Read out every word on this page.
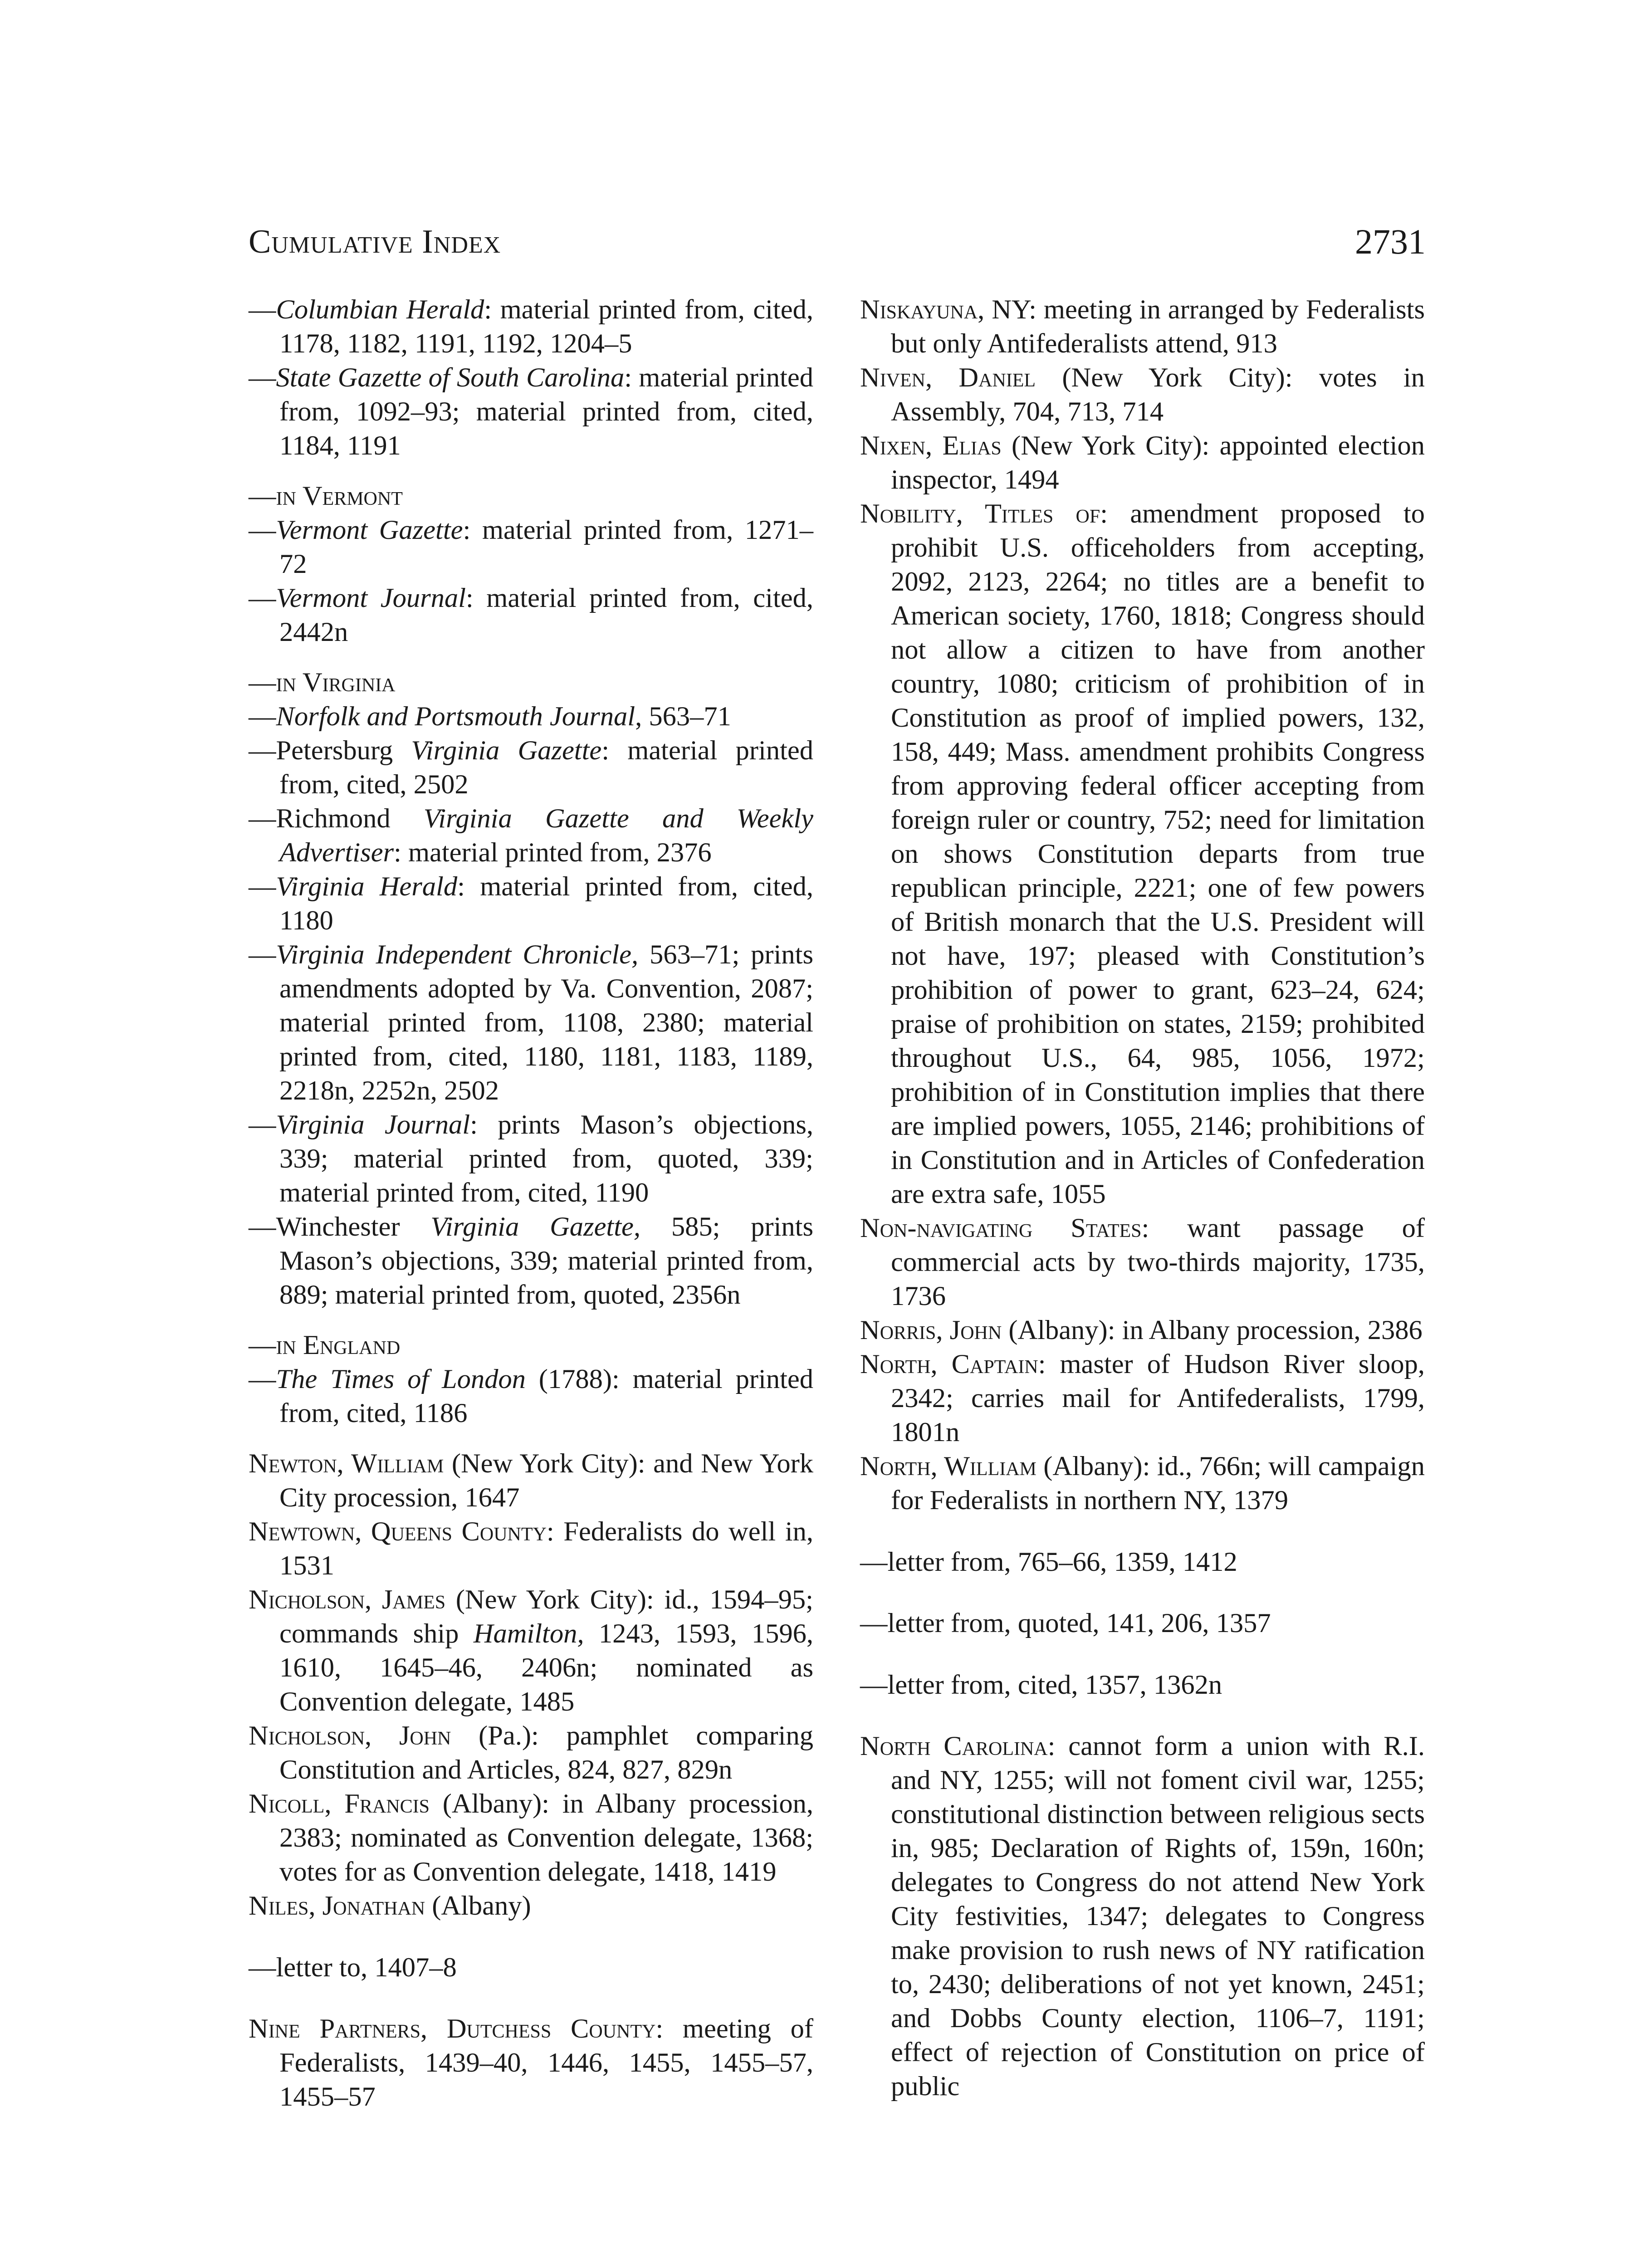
Cumulative Index	2731

—Columbian Herald: material printed from, cited, 1178, 1182, 1191, 1192, 1204–5

—State Gazette of South Carolina: material printed from, 1092–93; material printed from, cited, 1184, 1191

—in Vermont

—Vermont Gazette: material printed from, 1271–72

—Vermont Journal: material printed from, cited, 2442n

—in Virginia

—Norfolk and Portsmouth Journal, 563–71

—Petersburg Virginia Gazette: material printed from, cited, 2502

—Richmond Virginia Gazette and Weekly Advertiser: material printed from, 2376

—Virginia Herald: material printed from, cited, 1180

—Virginia Independent Chronicle, 563–71; prints amendments adopted by Va. Convention, 2087; material printed from, 1108, 2380; material printed from, cited, 1180, 1181, 1183, 1189, 2218n, 2252n, 2502

—Virginia Journal: prints Mason’s objections, 339; material printed from, quoted, 339; material printed from, cited, 1190

—Winchester Virginia Gazette, 585; prints Mason’s objections, 339; material printed from, 889; material printed from, quoted, 2356n

—in England

—The Times of London (1788): material printed from, cited, 1186

Newton, William (New York City): and New York City procession, 1647

Newtown, Queens County: Federalists do well in, 1531

Nicholson, James (New York City): id., 1594–95; commands ship Hamilton, 1243, 1593, 1596, 1610, 1645–46, 2406n; nominated as Convention delegate, 1485

Nicholson, John (Pa.): pamphlet comparing Constitution and Articles, 824, 827, 829n

Nicoll, Francis (Albany): in Albany procession, 2383; nominated as Convention delegate, 1368; votes for as Convention delegate, 1418, 1419

Niles, Jonathan (Albany)

—letter to, 1407–8

Nine Partners, Dutchess County: meeting of Federalists, 1439–40, 1446, 1455, 1455–57, 1455–57

Niskayuna, NY: meeting in arranged by Federalists but only Antifederalists attend, 913

Niven, Daniel (New York City): votes in Assembly, 704, 713, 714

Nixen, Elias (New York City): appointed election inspector, 1494

Nobility, Titles of: amendment proposed to prohibit U.S. officeholders from accepting, 2092, 2123, 2264; no titles are a benefit to American society, 1760, 1818; Congress should not allow a citizen to have from another country, 1080; criticism of prohibition of in Constitution as proof of implied powers, 132, 158, 449; Mass. amendment prohibits Congress from approving federal officer accepting from foreign ruler or country, 752; need for limitation on shows Constitution departs from true republican principle, 2221; one of few powers of British monarch that the U.S. President will not have, 197; pleased with Constitution’s prohibition of power to grant, 623–24, 624; praise of prohibition on states, 2159; prohibited throughout U.S., 64, 985, 1056, 1972; prohibition of in Constitution implies that there are implied powers, 1055, 2146; prohibitions of in Constitution and in Articles of Confederation are extra safe, 1055

Non-navigating States: want passage of commercial acts by two-thirds majority, 1735, 1736

Norris, John (Albany): in Albany procession, 2386

North, Captain: master of Hudson River sloop, 2342; carries mail for Antifederalists, 1799, 1801n

North, William (Albany): id., 766n; will campaign for Federalists in northern NY, 1379

—letter from, 765–66, 1359, 1412

—letter from, quoted, 141, 206, 1357

—letter from, cited, 1357, 1362n

North Carolina: cannot form a union with R.I. and NY, 1255; will not foment civil war, 1255; constitutional distinction between religious sects in, 985; Declaration of Rights of, 159n, 160n; delegates to Congress do not attend New York City festivities, 1347; delegates to Congress make provision to rush news of NY ratification to, 2430; deliberations of not yet known, 2451; and Dobbs County election, 1106–7, 1191; effect of rejection of Constitution on price of public
